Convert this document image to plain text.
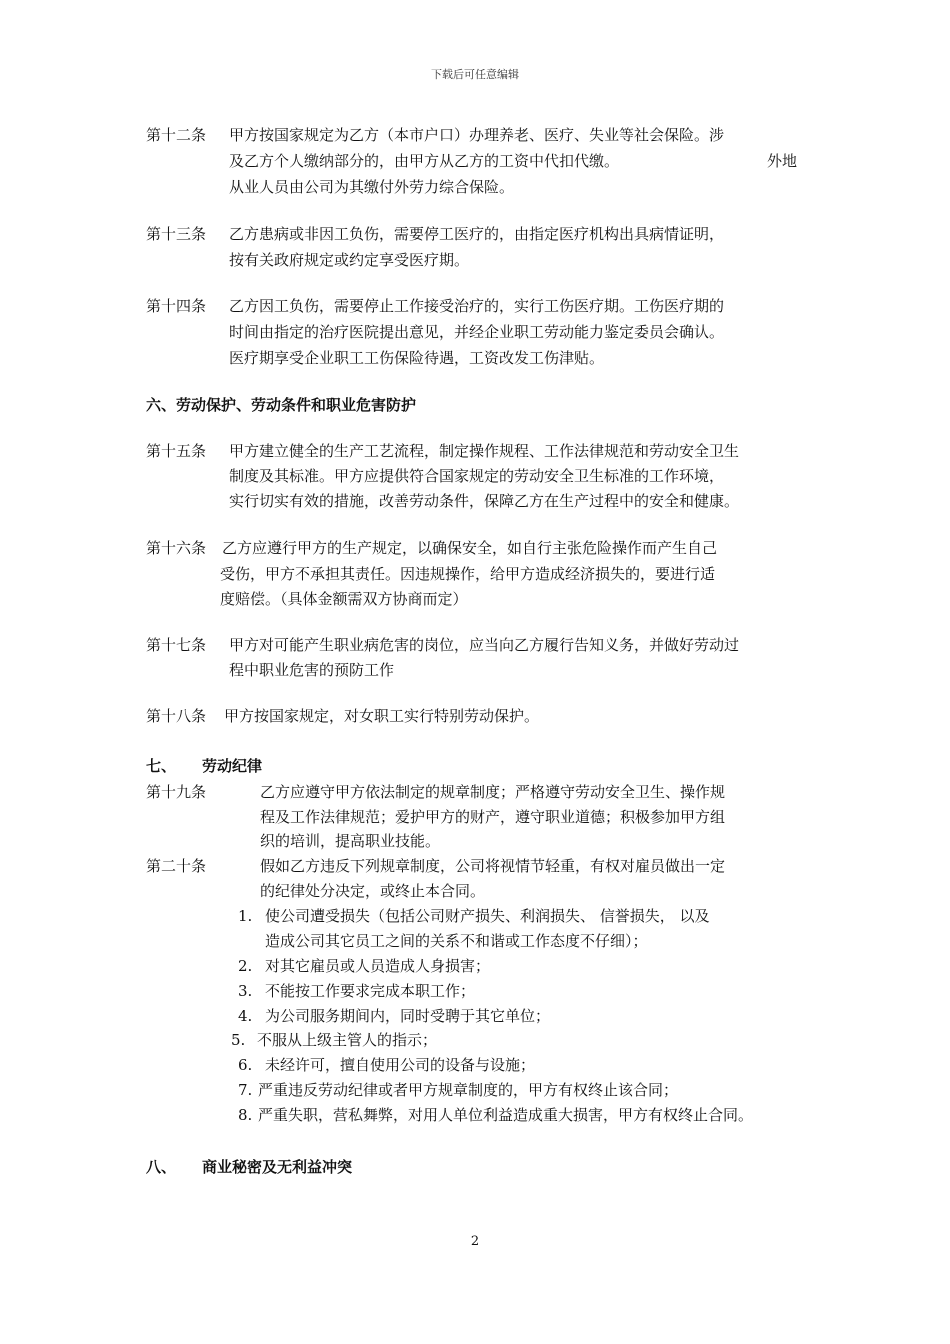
下载后可任意编辑
第十二条 甲方按国家规定为乙方（本市户口）办理养老、医疗、失业等社会保险。涉
及乙方个人缴纳部分的，由甲方从乙方的工资中代扣代缴。	外地
从业人员由公司为其缴付外劳力综合保险。
第十三条 乙方患病或非因工负伤，需要停工医疗的，由指定医疗机构出具病情证明，
按有关政府规定或约定享受医疗期。
第十四条 乙方因工负伤，需要停止工作接受治疗的，实行工伤医疗期。工伤医疗期的
时间由指定的治疗医院提出意见，并经企业职工劳动能力鉴定委员会确认。
医疗期享受企业职工工伤保险待遇，工资改发工伤津贴。
六、劳动保护、劳动条件和职业危害防护
第十五条 甲方建立健全的生产工艺流程，制定操作规程、工作法律规范和劳动安全卫生
制度及其标准。甲方应提供符合国家规定的劳动安全卫生标准的工作环境，
实行切实有效的措施，改善劳动条件，保障乙方在生产过程中的安全和健康。
第十六条 乙方应遵行甲方的生产规定，以确保安全，如自行主张危险操作而产生自己
受伤，甲方不承担其责任。因违规操作，给甲方造成经济损失的，要进行适
度赔偿。（具体金额需双方协商而定）
第十七条 甲方对可能产生职业病危害的岗位，应当向乙方履行告知义务，并做好劳动过
程中职业危害的预防工作
第十八条 甲方按国家规定，对女职工实行特别劳动保护。
七、 劳动纪律
第十九条	乙方应遵守甲方依法制定的规章制度；严格遵守劳动安全卫生、操作规
程及工作法律规范；爱护甲方的财产，遵守职业道德；积极参加甲方组
织的培训，提高职业技能。
第二十条	假如乙方违反下列规章制度，公司将视情节轻重，有权对雇员做出一定
的纪律处分决定，或终止本合同。
1. 使公司遭受损失（包括公司财产损失、利润损失、 信誉损失， 以及
造成公司其它员工之间的关系不和谐或工作态度不仔细）；
2. 对其它雇员或人员造成人身损害；
3. 不能按工作要求完成本职工作；
4. 为公司服务期间内，同时受聘于其它单位；
5. 不服从上级主管人的指示；
6. 未经许可，擅自使用公司的设备与设施；
7. 严重违反劳动纪律或者甲方规章制度的，甲方有权终止该合同；
8. 严重失职，营私舞弊，对用人单位利益造成重大损害，甲方有权终止合同。
八、 商业秘密及无利益冲突
2
